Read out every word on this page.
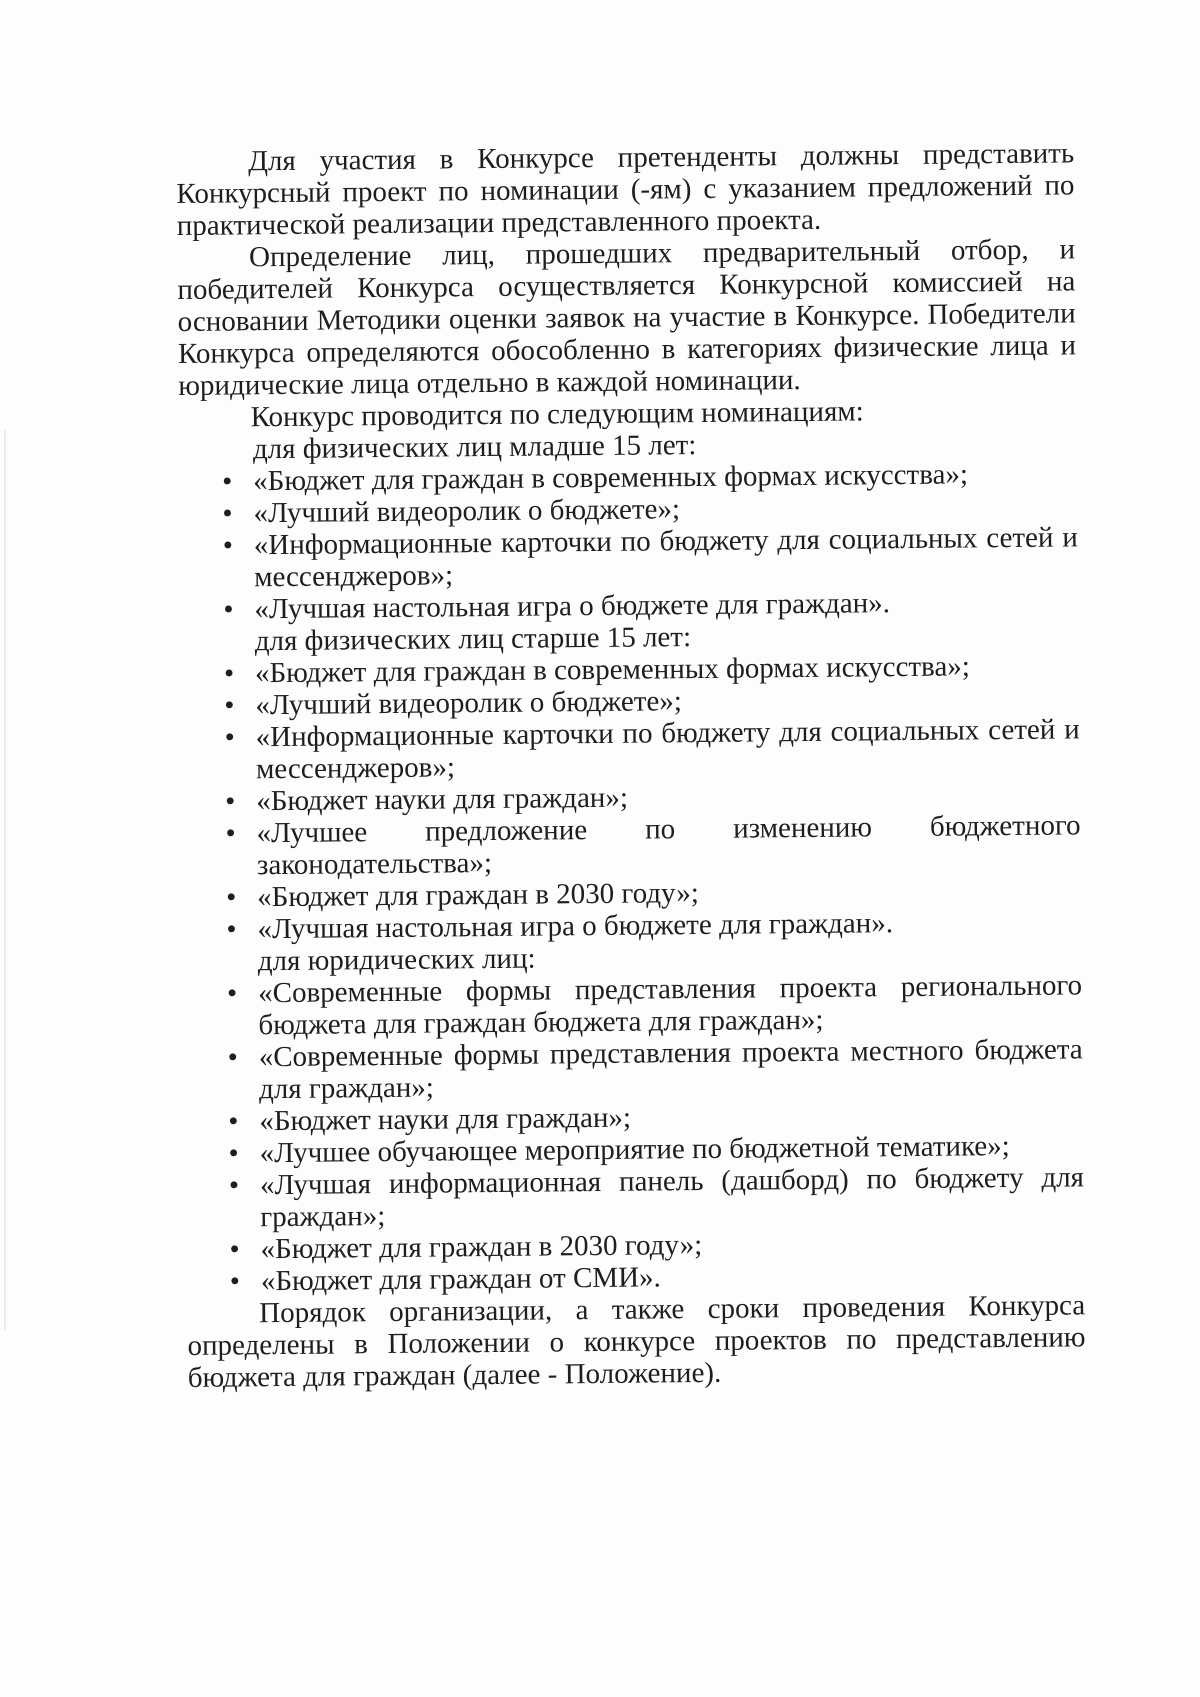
Для участия в Конкурсе претенденты должны представить Конкурсный проект по номинации (-ям) с указанием предложений по практической реализации представленного проекта.

Определение лиц, прошедших предварительный отбор, и победителей Конкурса осуществляется Конкурсной комиссией на основании Методики оценки заявок на участие в Конкурсе. Победители Конкурса определяются обособленно в категориях физические лица и юридические лица отдельно в каждой номинации.

Конкурс проводится по следующим номинациям:

для физических лиц младше 15 лет:

• «Бюджет для граждан в современных формах искусства»;
• «Лучший видеоролик о бюджете»;
• «Информационные карточки по бюджету для социальных сетей и мессенджеров»;
• «Лучшая настольная игра о бюджете для граждан».

для физических лиц старше 15 лет:

• «Бюджет для граждан в современных формах искусства»;
• «Лучший видеоролик о бюджете»;
• «Информационные карточки по бюджету для социальных сетей и мессенджеров»;
• «Бюджет науки для граждан»;
• «Лучшее предложение по изменению бюджетного законодательства»;
• «Бюджет для граждан в 2030 году»;
• «Лучшая настольная игра о бюджете для граждан».

для юридических лиц:

• «Современные формы представления проекта регионального бюджета для граждан бюджета для граждан»;
• «Современные формы представления проекта местного бюджета для граждан»;
• «Бюджет науки для граждан»;
• «Лучшее обучающее мероприятие по бюджетной тематике»;
• «Лучшая информационная панель (дашборд) по бюджету для граждан»;
• «Бюджет для граждан в 2030 году»;
• «Бюджет для граждан от СМИ».

Порядок организации, а также сроки проведения Конкурса определены в Положении о конкурсе проектов по представлению бюджета для граждан (далее - Положение).
